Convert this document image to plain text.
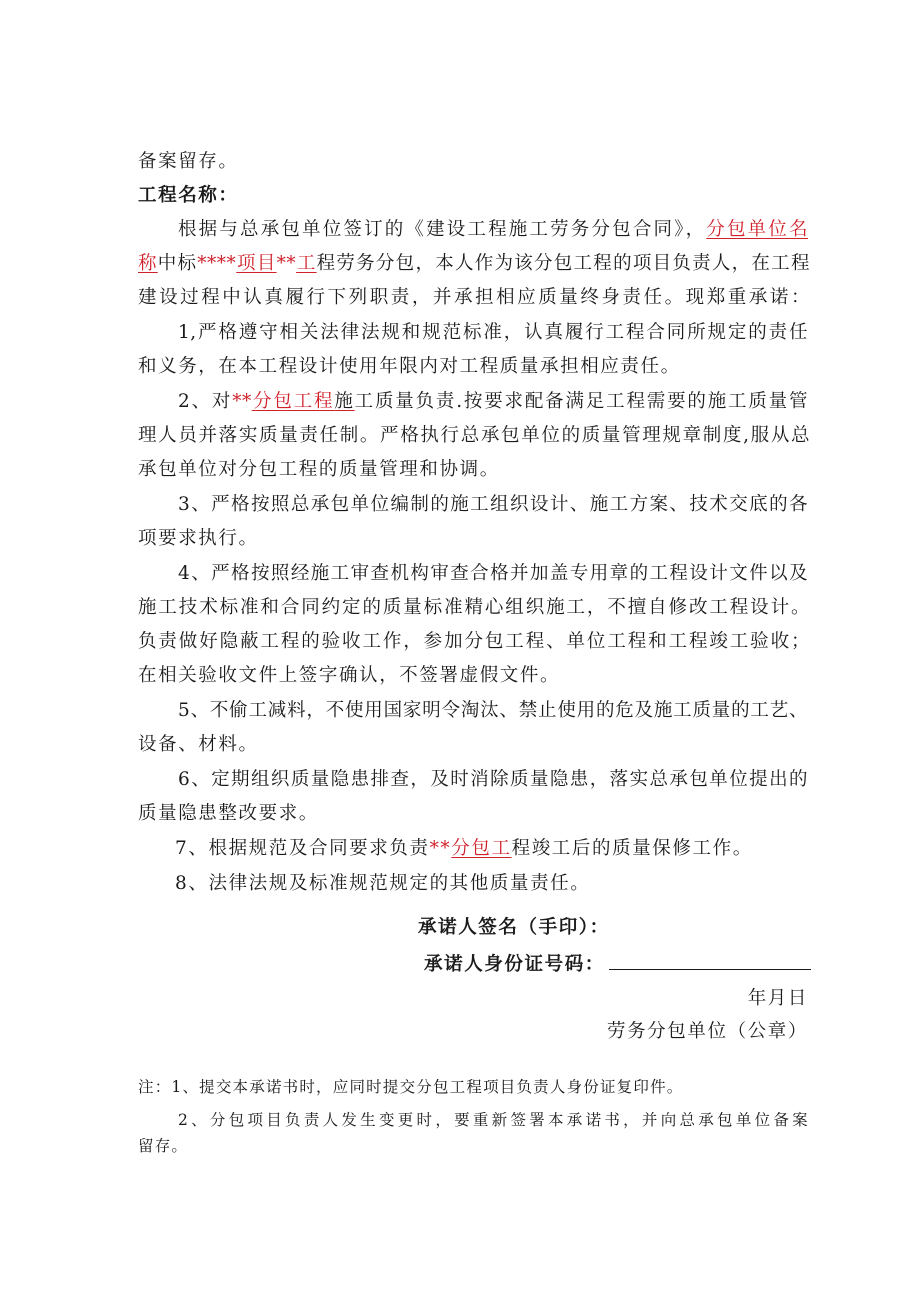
备案留存。
工程名称：
根据与总承包单位签订的《建设工程施工劳务分包合同》，分包单位名
称中标****项目**工程劳务分包，本人作为该分包工程的项目负责人，在工程
建设过程中认真履行下列职责，并承担相应质量终身责任。现郑重承诺：
1,严格遵守相关法律法规和规范标准，认真履行工程合同所规定的责任
和义务，在本工程设计使用年限内对工程质量承担相应责任。
2、对**分包工程施工质量负责.按要求配备满足工程需要的施工质量管
理人员并落实质量责任制。严格执行总承包单位的质量管理规章制度,服从总
承包单位对分包工程的质量管理和协调。
3、严格按照总承包单位编制的施工组织设计、施工方案、技术交底的各
项要求执行。
4、严格按照经施工审查机构审查合格并加盖专用章的工程设计文件以及
施工技术标准和合同约定的质量标准精心组织施工，不擅自修改工程设计。
负责做好隐蔽工程的验收工作，参加分包工程、单位工程和工程竣工验收；
在相关验收文件上签字确认，不签署虚假文件。
5、不偷工减料，不使用国家明令淘汰、禁止使用的危及施工质量的工艺、
设备、材料。
6、定期组织质量隐患排查，及时消除质量隐患，落实总承包单位提出的
质量隐患整改要求。
7、根据规范及合同要求负责**分包工程竣工后的质量保修工作。
8、法律法规及标准规范规定的其他质量责任。
承诺人签名（手印）：
承诺人身份证号码：
年月日
劳务分包单位（公章）
注：1、提交本承诺书时，应同时提交分包工程项目负责人身份证复印件。
2、分包项目负责人发生变更时，要重新签署本承诺书，并向总承包单位备案
留存。
